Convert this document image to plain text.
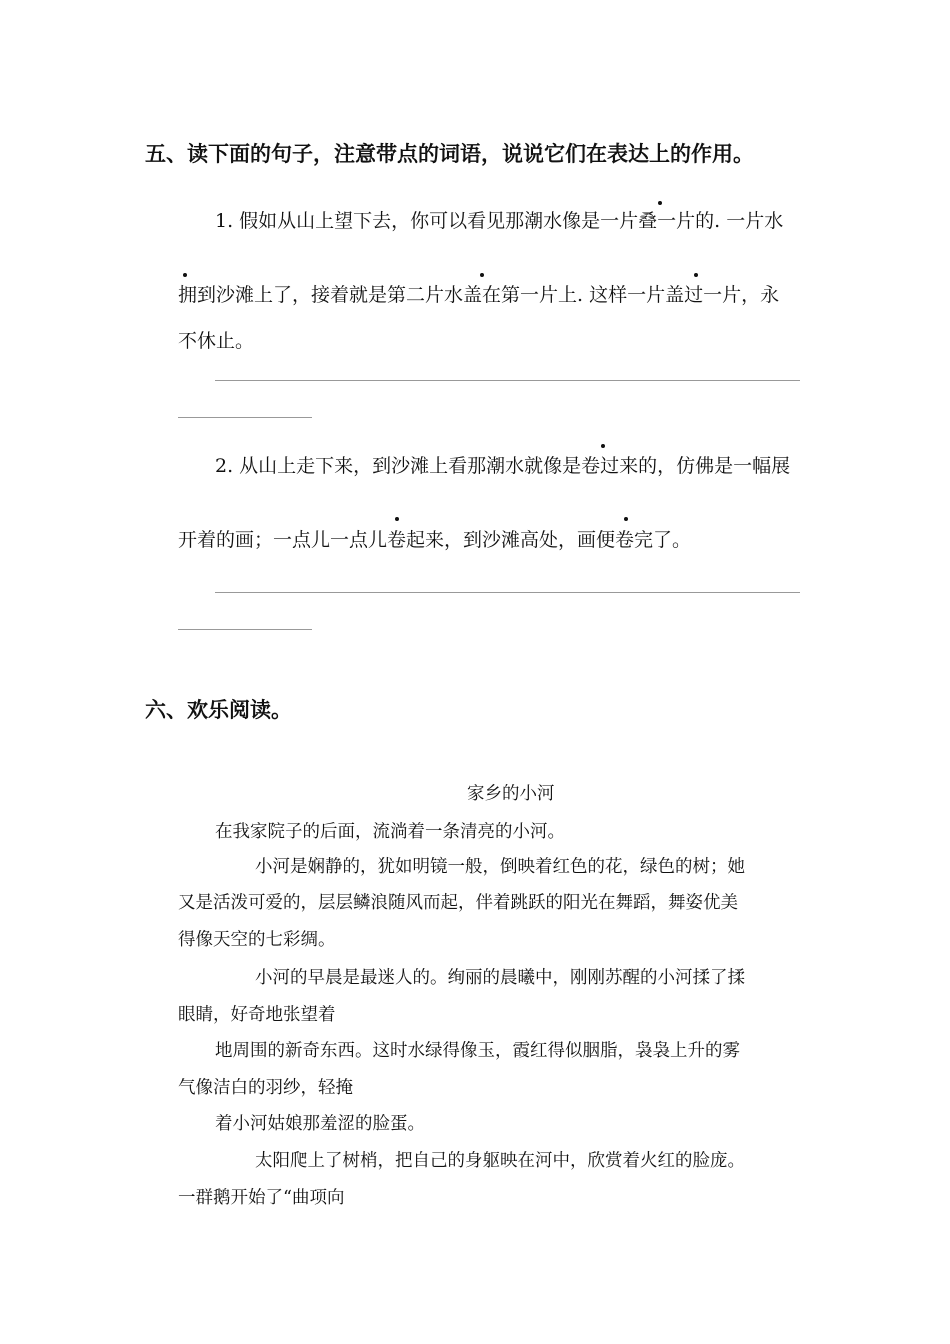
五、读下面的句子，注意带点的词语，说说它们在表达上的作用。
1. 假如从山上望下去，你可以看见那潮水像是一片叠一片的. 一片水
拥到沙滩上了，接着就是第二片水盖在第一片上. 这样一片盖过一片，永
不休止。
2. 从山上走下来，到沙滩上看那潮水就像是卷过来的，仿佛是一幅展
开着的画；一点儿一点儿卷起来，到沙滩高处，画便卷完了。
六、欢乐阅读。
家乡的小河
在我家院子的后面，流淌着一条清亮的小河。
小河是娴静的，犹如明镜一般，倒映着红色的花，绿色的树；她
又是活泼可爱的，层层鳞浪随风而起，伴着跳跃的阳光在舞蹈，舞姿优美
得像天空的七彩绸。
小河的早晨是最迷人的。绚丽的晨曦中，刚刚苏醒的小河揉了揉
眼睛，好奇地张望着
地周围的新奇东西。这时水绿得像玉，霞红得似胭脂，袅袅上升的雾
气像洁白的羽纱，轻掩
着小河姑娘那羞涩的脸蛋。
太阳爬上了树梢，把自己的身躯映在河中，欣赏着火红的脸庞。
一群鹅开始了“曲项向
